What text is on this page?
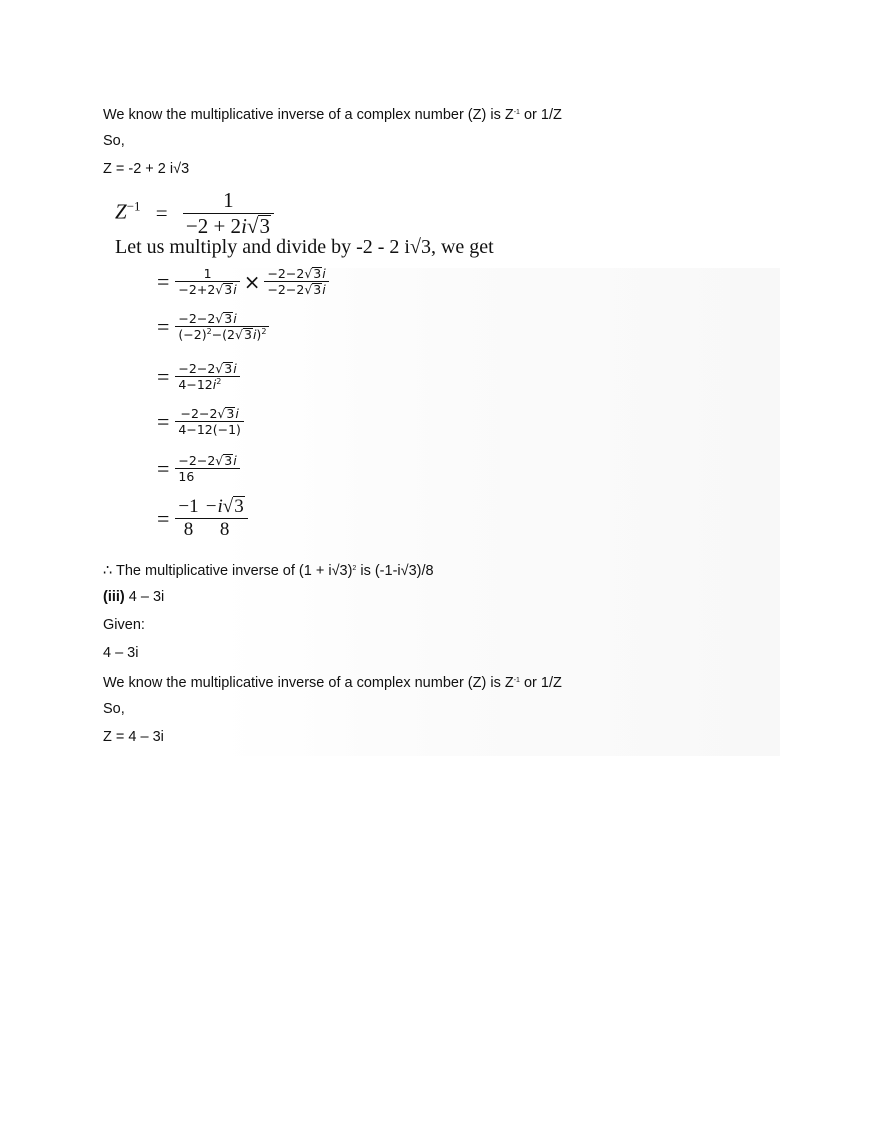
We know the multiplicative inverse of a complex number (Z) is $Z^{-1}$ or 1/Z
So,
Z = -2 + 2 i√3
$Z^{-1} = \frac{1}{-2 + 2i√3}$
Let us multiply and divide by -2 - 2 i√3, we get
= $\frac{1}{-2+2√3i} \times \frac{-2-2√3i}{-2-2√3i}$
= $\frac{-2-2√3i}{(-2)^2-(2√3i)^2}$
= $\frac{-2-2√3i}{4-12i^2}$
= $\frac{-2-2√3i}{4-12(-1)}$
= $\frac{-2-2√3i}{16}$
= $\frac{-1}{8} \frac{-i√3}{8}$
∴ The multiplicative inverse of $(1 + i√3)^2$ is (-1-i√3)/8
(iii) 4 – 3i
Given:
4 – 3i
We know the multiplicative inverse of a complex number (Z) is $Z^{-1}$ or 1/Z
So,
Z = 4 – 3i
